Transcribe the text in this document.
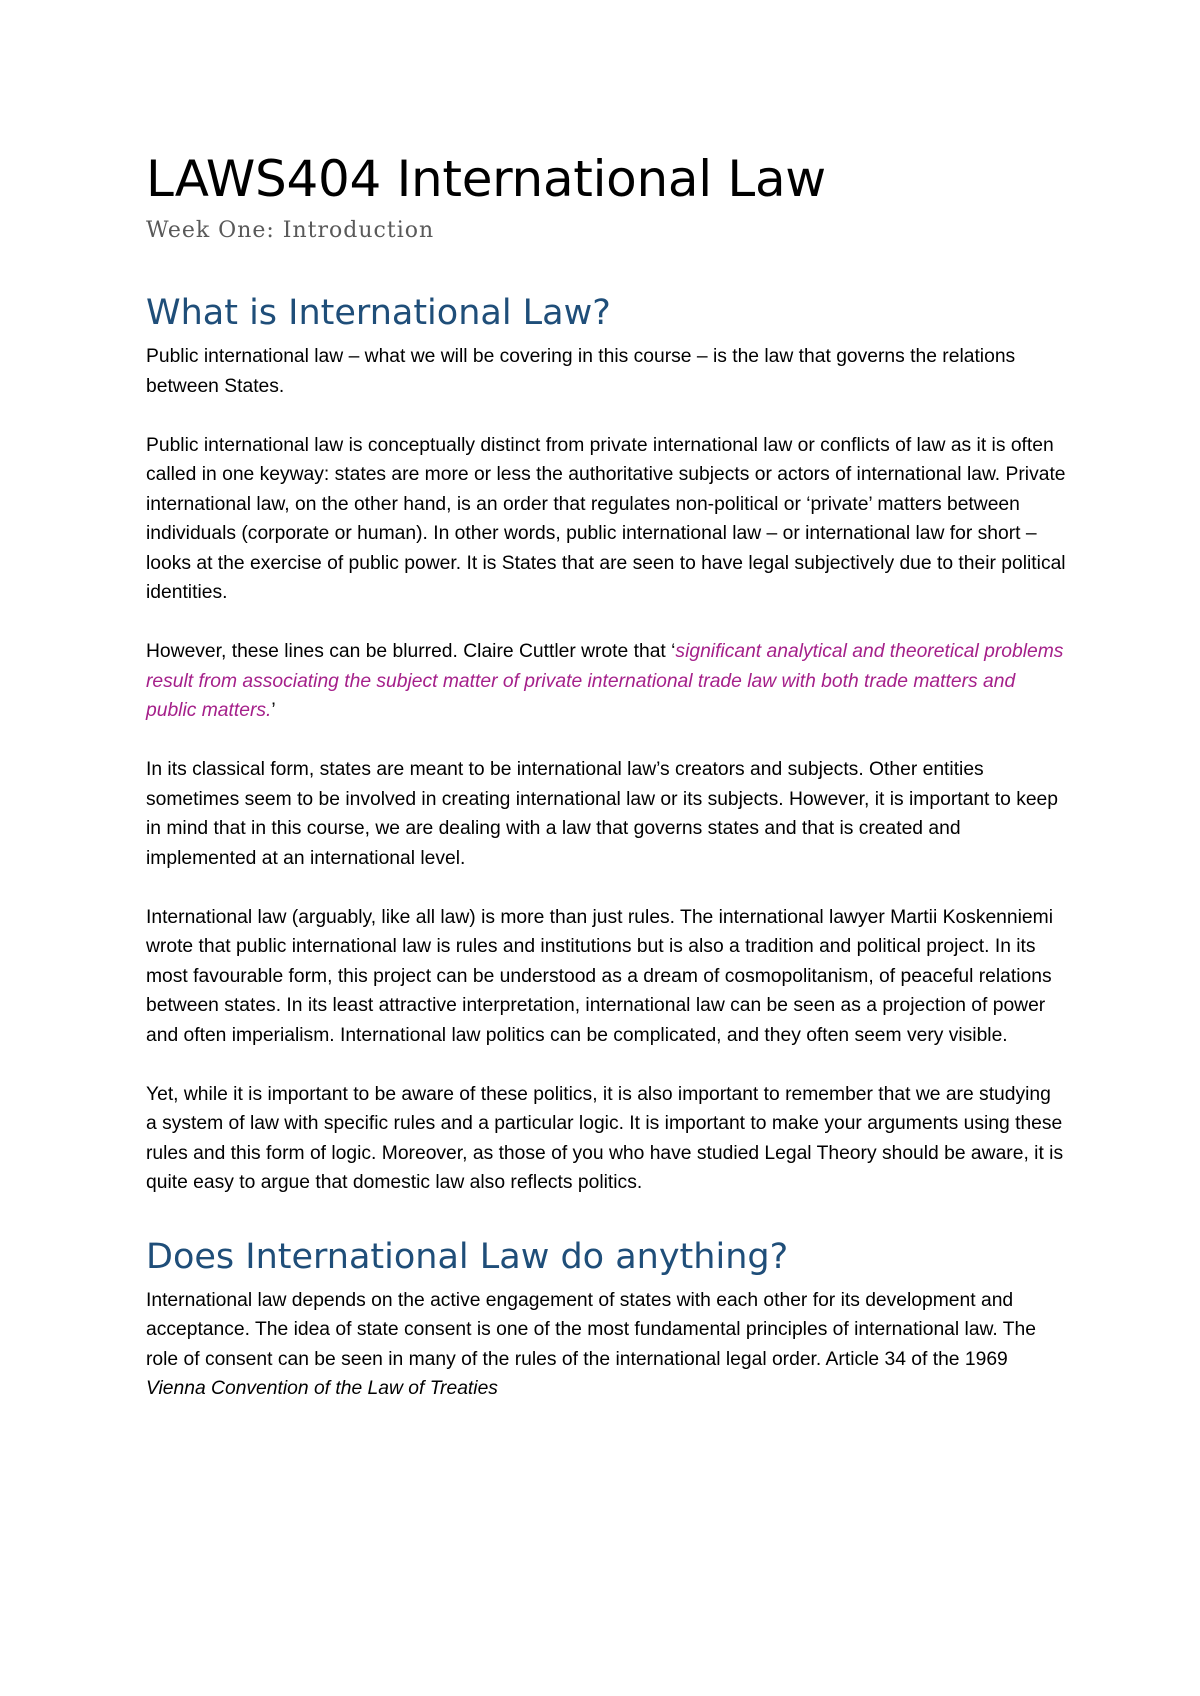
LAWS404 International Law
Week One: Introduction
What is International Law?

Public international law – what we will be covering in this course – is the law that governs the relations between States.

Public international law is conceptually distinct from private international law or conflicts of law as it is often called in one keyway: states are more or less the authoritative subjects or actors of international law. Private international law, on the other hand, is an order that regulates non-political or ‘private’ matters between individuals (corporate or human). In other words, public international law – or international law for short – looks at the exercise of public power. It is States that are seen to have legal subjectively due to their political identities.

However, these lines can be blurred. Claire Cuttler wrote that ‘significant analytical and theoretical problems result from associating the subject matter of private international trade law with both trade matters and public matters.’

In its classical form, states are meant to be international law’s creators and subjects. Other entities sometimes seem to be involved in creating international law or its subjects. However, it is important to keep in mind that in this course, we are dealing with a law that governs states and that is created and implemented at an international level.

International law (arguably, like all law) is more than just rules. The international lawyer Martii Koskenniemi wrote that public international law is rules and institutions but is also a tradition and political project. In its most favourable form, this project can be understood as a dream of cosmopolitanism, of peaceful relations between states. In its least attractive interpretation, international law can be seen as a projection of power and often imperialism. International law politics can be complicated, and they often seem very visible.

Yet, while it is important to be aware of these politics, it is also important to remember that we are studying a system of law with specific rules and a particular logic. It is important to make your arguments using these rules and this form of logic. Moreover, as those of you who have studied Legal Theory should be aware, it is quite easy to argue that domestic law also reflects politics.

Does International Law do anything?

International law depends on the active engagement of states with each other for its development and acceptance. The idea of state consent is one of the most fundamental principles of international law. The role of consent can be seen in many of the rules of the international legal order. Article 34 of the 1969 Vienna Convention of the Law of Treaties
